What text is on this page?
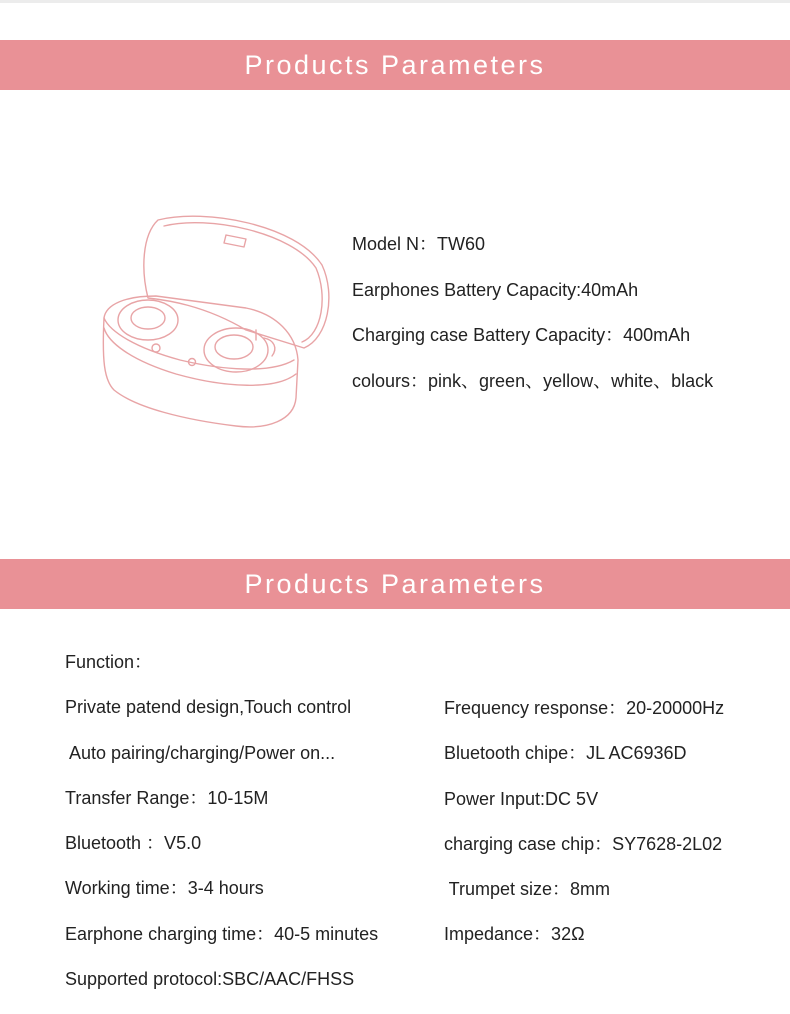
Products Parameters
Model N：TW60
Earphones Battery Capacity:40mAh
Charging case Battery Capacity：400mAh
colours：pink、green、yellow、white、black
Products Parameters
Function：
Private patend design,Touch control
Auto pairing/charging/Power on...
Transfer Range：10-15M
Bluetooth ：V5.0
Working time：3-4 hours
Earphone charging time：40-5 minutes
Supported protocol:SBC/AAC/FHSS
Frequency response：20-20000Hz
Bluetooth chipe：JL AC6936D
Power Input:DC 5V
charging case chip：SY7628-2L02
Trumpet size：8mm
Impedance：32Ω
